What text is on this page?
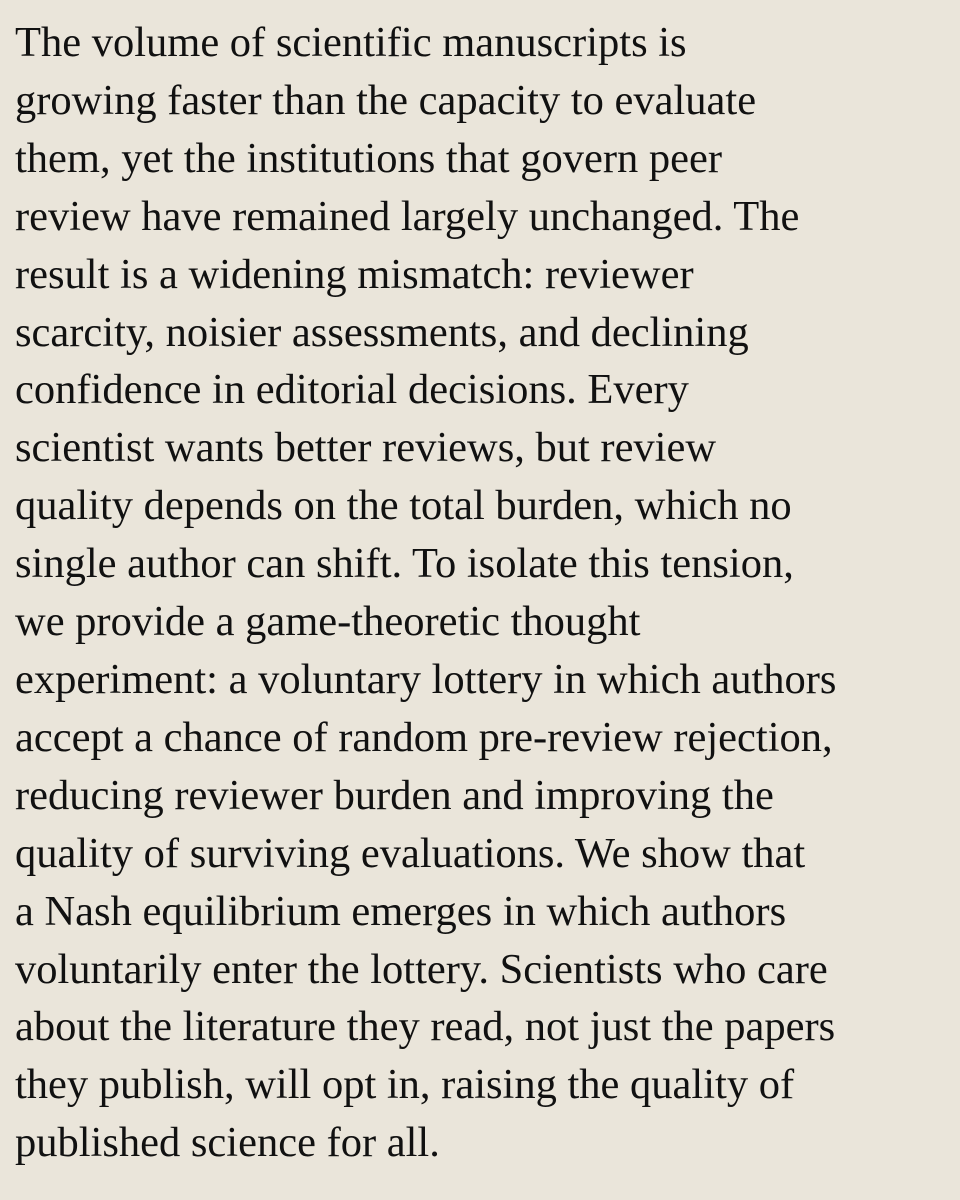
The volume of scientific manuscripts is
growing faster than the capacity to evaluate
them, yet the institutions that govern peer
review have remained largely unchanged. The
result is a widening mismatch: reviewer
scarcity, noisier assessments, and declining
confidence in editorial decisions. Every
scientist wants better reviews, but review
quality depends on the total burden, which no
single author can shift. To isolate this tension,
we provide a game-theoretic thought
experiment: a voluntary lottery in which authors
accept a chance of random pre-review rejection,
reducing reviewer burden and improving the
quality of surviving evaluations. We show that
a Nash equilibrium emerges in which authors
voluntarily enter the lottery. Scientists who care
about the literature they read, not just the papers
they publish, will opt in, raising the quality of
published science for all.
